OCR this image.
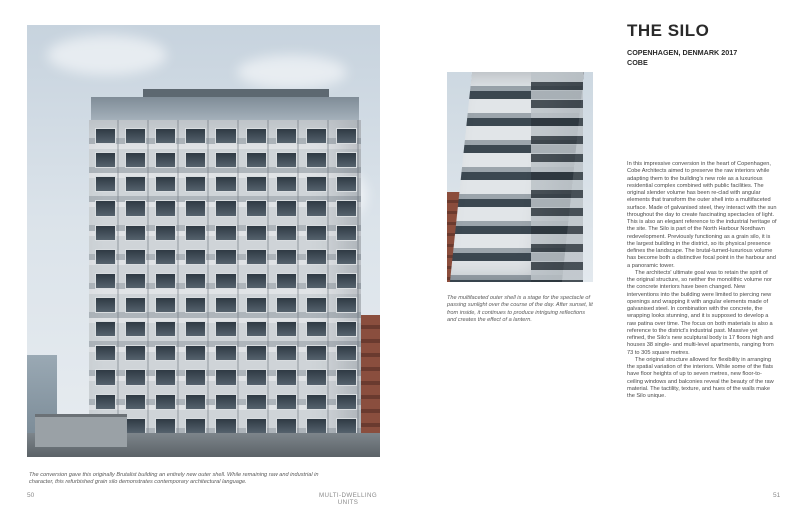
The conversion gave this originally Brutalist building an entirely new outer shell. While remaining raw and industrial in character, this refurbished grain silo demonstrates contemporary architectural language.

The multifaceted outer shell is a stage for the spectacle of passing sunlight over the course of the day. After sunset, lit from inside, it continues to produce intriguing reflections and creates the effect of a lantern.

THE SILO
COPENHAGEN, DENMARK 2017
COBE

In this impressive conversion in the heart of Copenhagen, Cobe Architects aimed to preserve the raw interiors while adapting them to the building's new role as a luxurious residential complex combined with public facilities. The original slender volume has been re-clad with angular elements that transform the outer shell into a multifaceted surface. Made of galvanised steel, they interact with the sun throughout the day to create fascinating spectacles of light. This is also an elegant reference to the industrial heritage of the site. The Silo is part of the North Harbour Nordhavn redevelopment. Previously functioning as a grain silo, it is the largest building in the district, so its physical presence defines the landscape. The brutal-turned-luxurious volume has become both a distinctive focal point in the harbour and a panoramic tower.

The architects' ultimate goal was to retain the spirit of the original structure, so neither the monolithic volume nor the concrete interiors have been changed. New interventions into the building were limited to piercing new openings and wrapping it with angular elements made of galvanised steel. In combination with the concrete, the wrapping looks stunning, and it is supposed to develop a raw patina over time. The focus on both materials is also a reference to the district's industrial past. Massive yet refined, the Silo's new sculptural body is 17 floors high and houses 38 single- and multi-level apartments, ranging from 73 to 305 square metres.

The original structure allowed for flexibility in arranging the spatial variation of the interiors. While some of the flats have floor heights of up to seven metres, new floor-to-ceiling windows and balconies reveal the beauty of the raw material. The tactility, texture, and hues of the walls make the Silo unique.

50	MULTI-DWELLING UNITS
51
